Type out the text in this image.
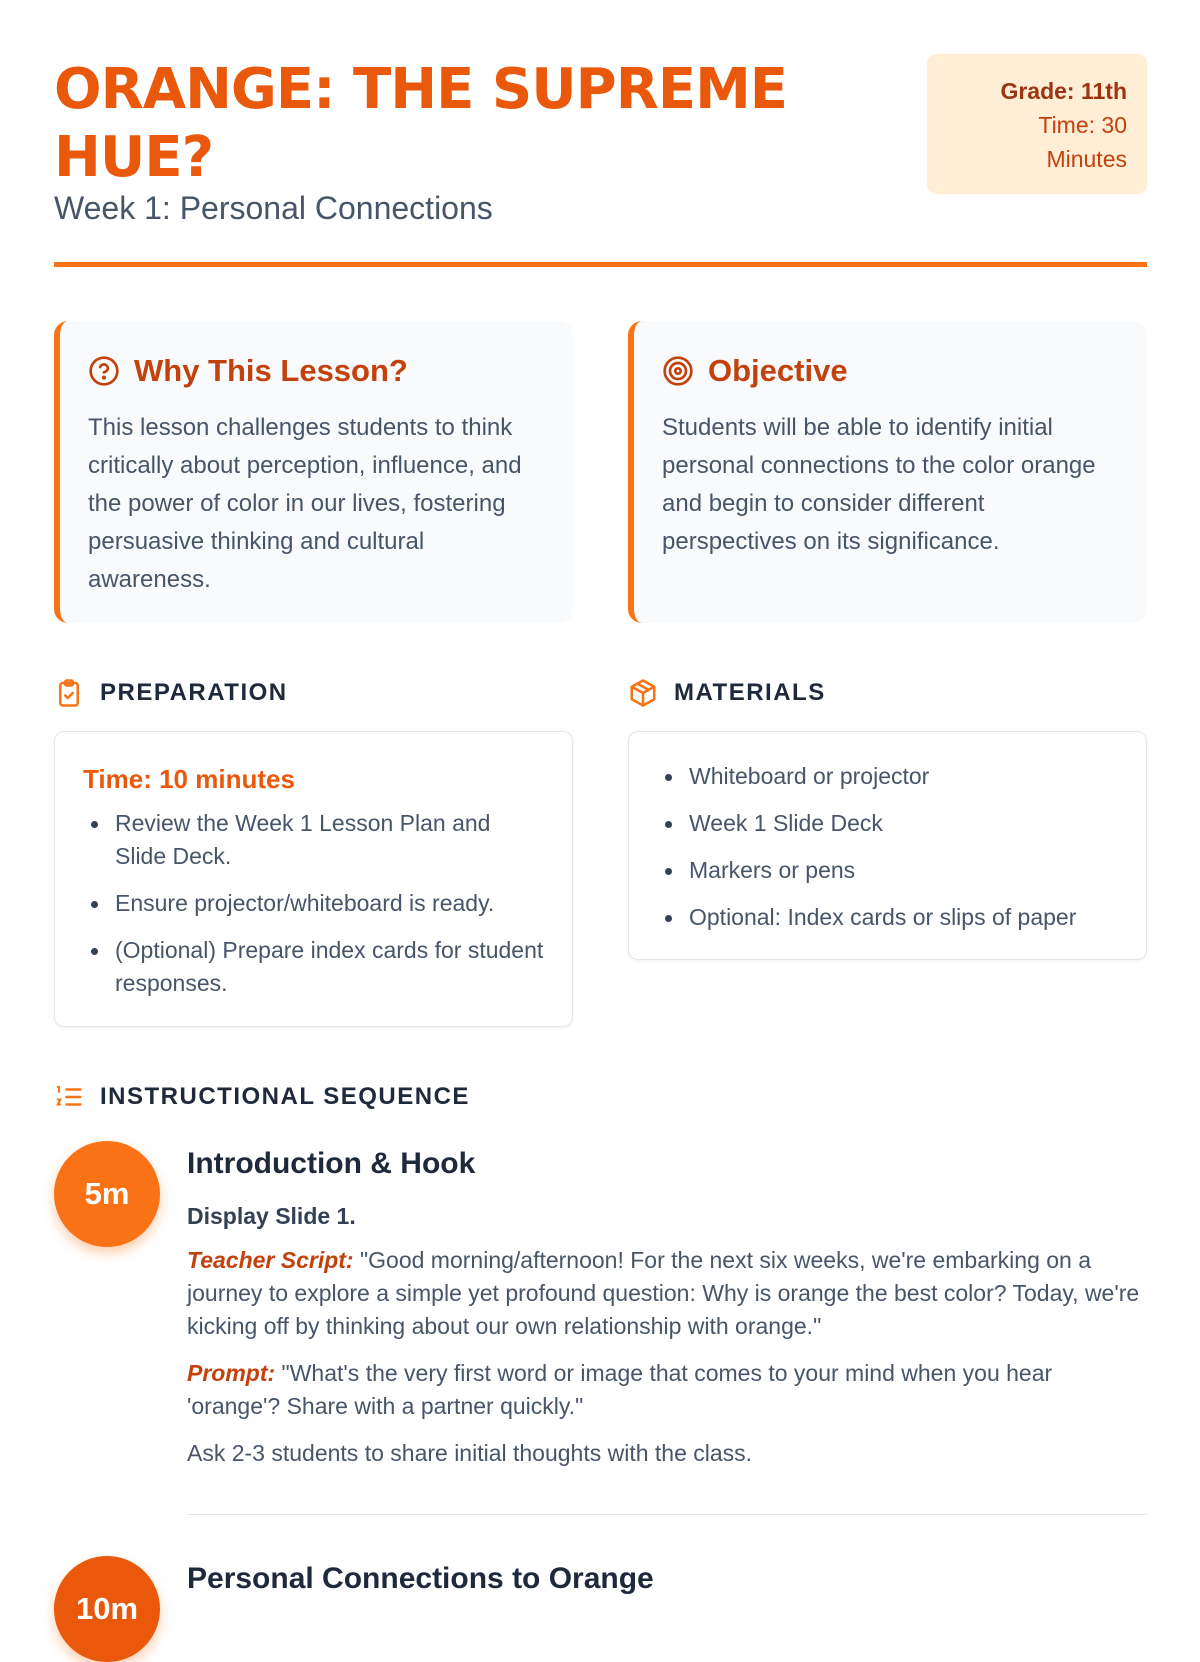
ORANGE: THE SUPREME HUE?
Week 1: Personal Connections
Grade: 11th
Time: 30 Minutes
Why This Lesson?

This lesson challenges students to think critically about perception, influence, and the power of color in our lives, fostering persuasive thinking and cultural awareness.

Objective

Students will be able to identify initial personal connections to the color orange and begin to consider different perspectives on its significance.

PREPARATION
Time: 10 minutes
Review the Week 1 Lesson Plan and Slide Deck.
Ensure projector/whiteboard is ready.
(Optional) Prepare index cards for student responses.
MATERIALS
Whiteboard or projector
Week 1 Slide Deck
Markers or pens
Optional: Index cards or slips of paper
INSTRUCTIONAL SEQUENCE
5m
Introduction & Hook
Display Slide 1.

Teacher Script: "Good morning/afternoon! For the next six weeks, we're embarking on a journey to explore a simple yet profound question: Why is orange the best color? Today, we're kicking off by thinking about our own relationship with orange."

Prompt: "What's the very first word or image that comes to your mind when you hear 'orange'? Share with a partner quickly."

Ask 2-3 students to share initial thoughts with the class.

10m
Personal Connections to Orange
